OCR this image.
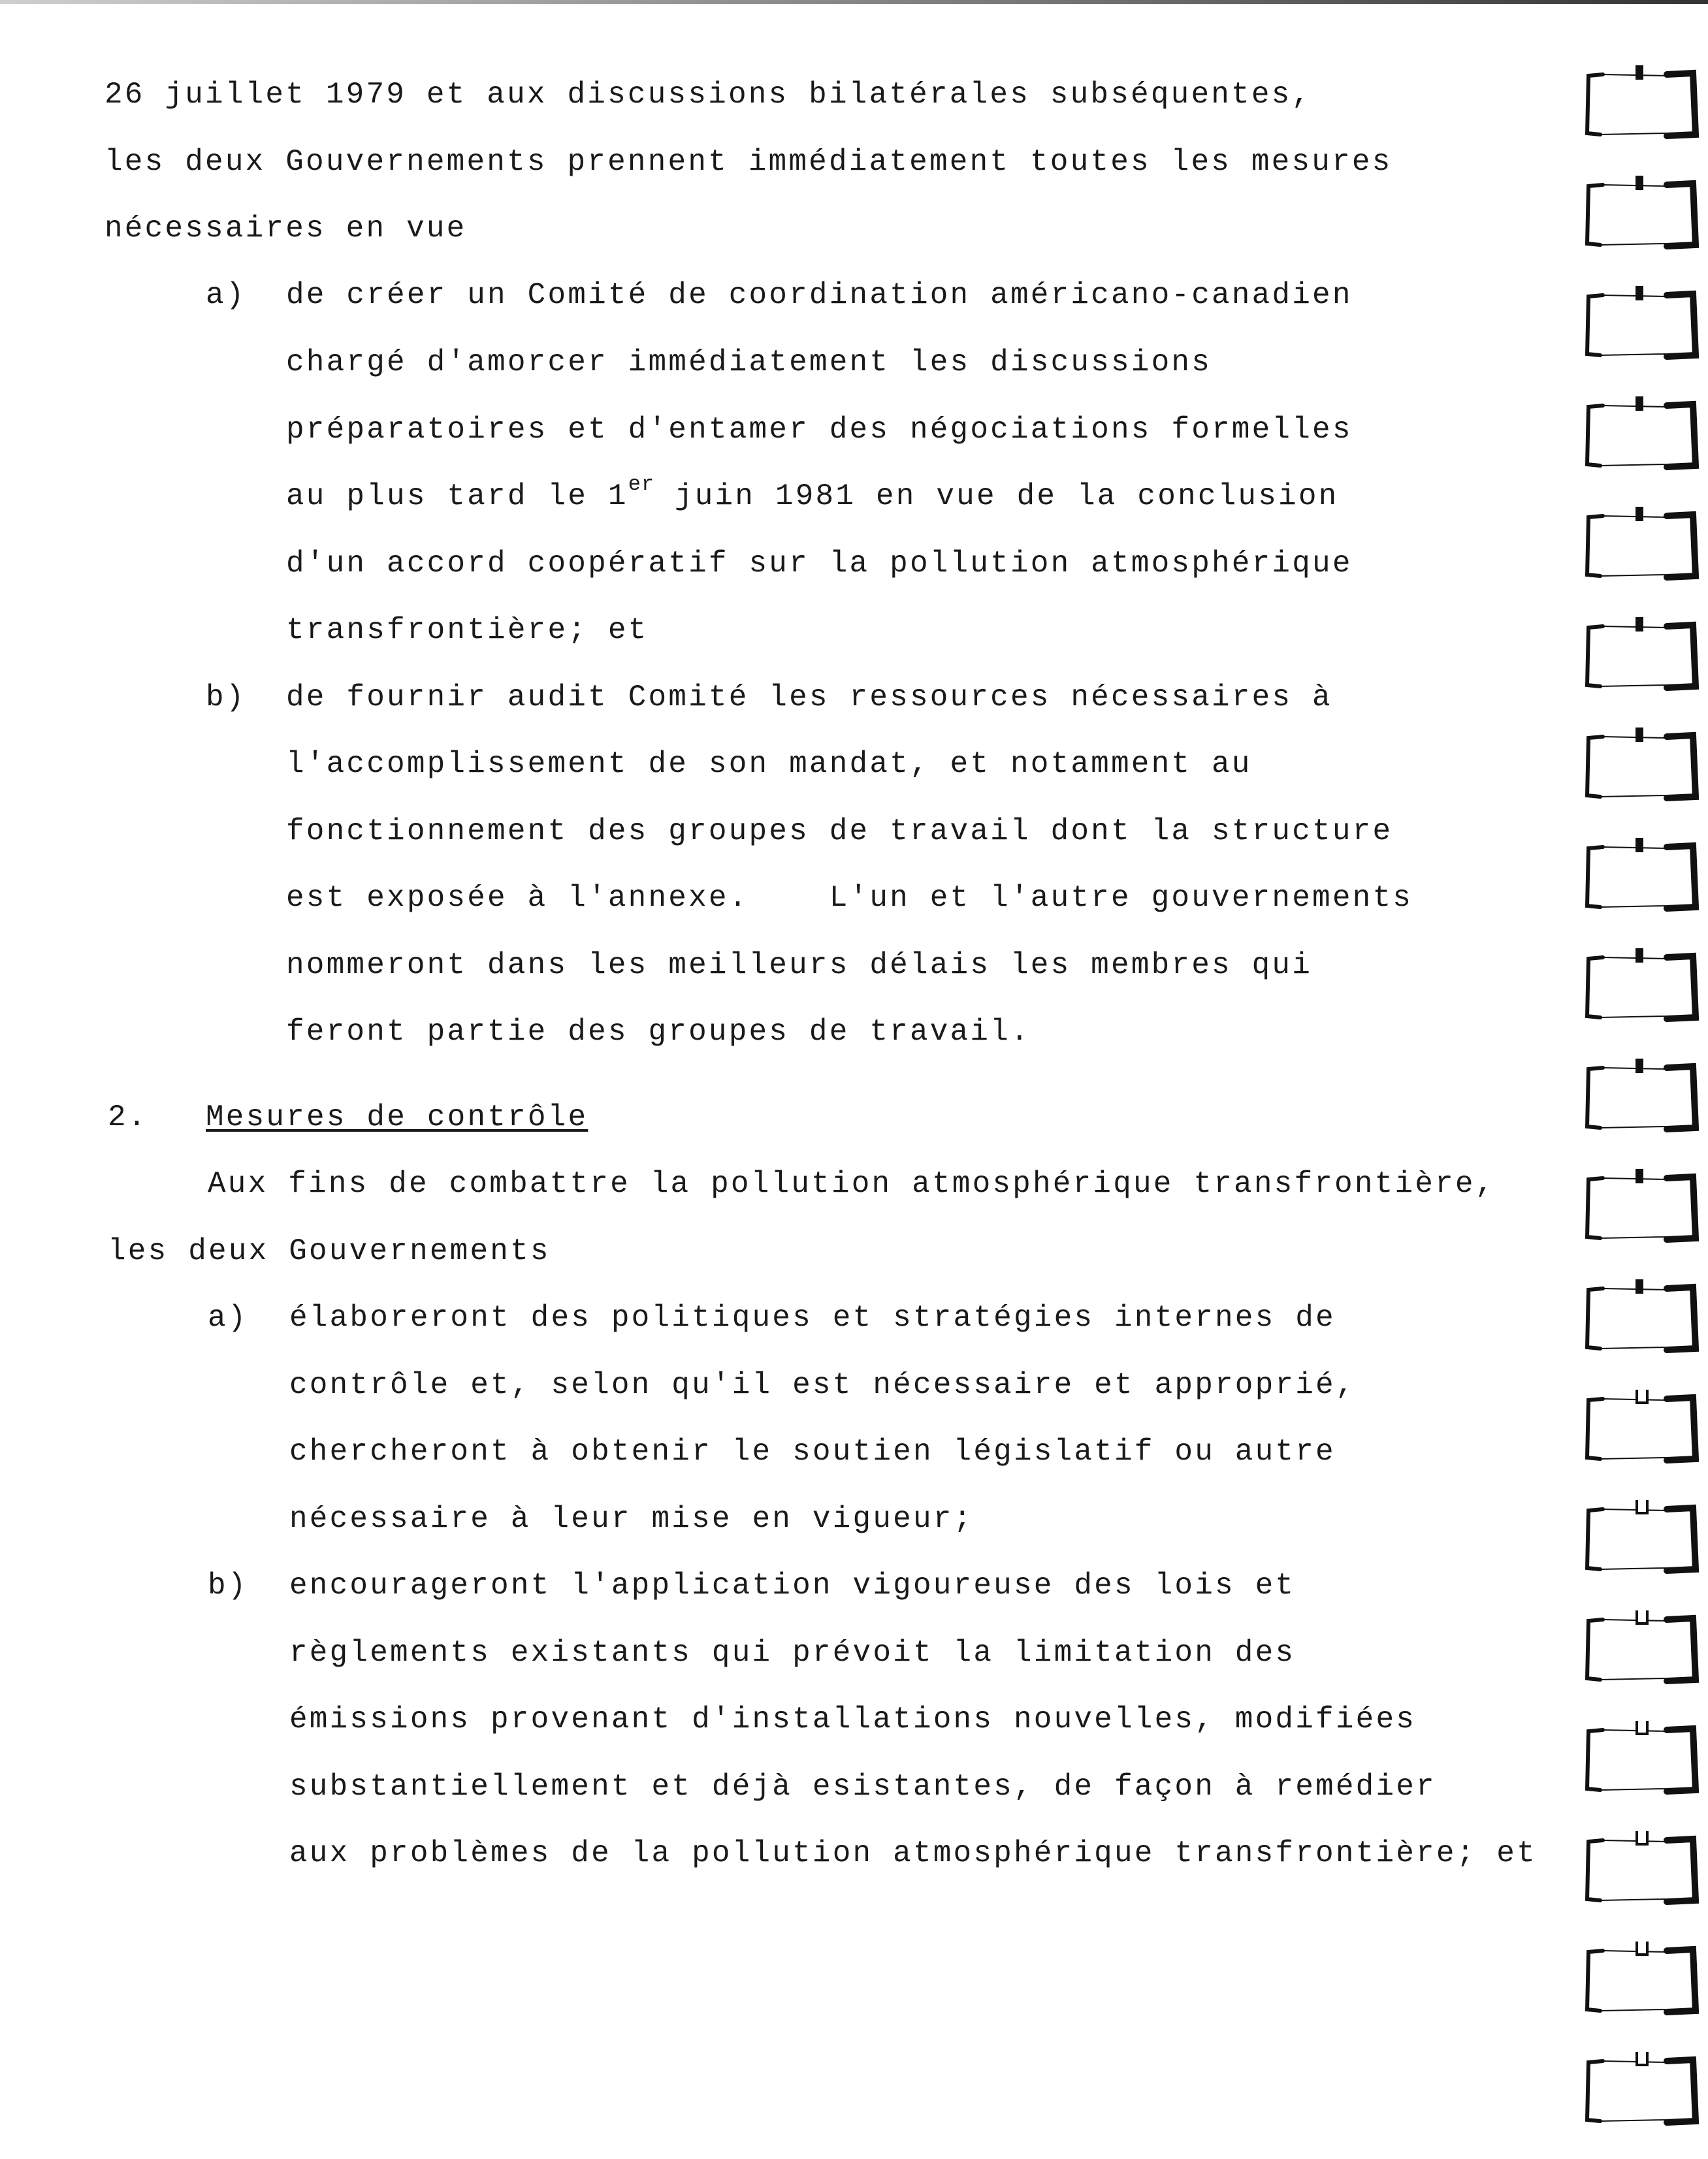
26 juillet 1979 et aux discussions bilatérales subséquentes,
les deux Gouvernements prennent immédiatement toutes les mesures
nécessaires en vue
a) de créer un Comité de coordination américano-canadien
chargé d'amorcer immédiatement les discussions
préparatoires et d'entamer des négociations formelles
au plus tard le 1er juin 1981 en vue de la conclusion
d'un accord coopératif sur la pollution atmosphérique
transfrontière; et
b) de fournir audit Comité les ressources nécessaires à
l'accomplissement de son mandat, et notamment au
fonctionnement des groupes de travail dont la structure
est exposée à l'annexe.    L'un et l'autre gouvernements
nommeront dans les meilleurs délais les membres qui
feront partie des groupes de travail.
2. Mesures de contrôle
Aux fins de combattre la pollution atmosphérique transfrontière,
les deux Gouvernements
a) élaboreront des politiques et stratégies internes de
contrôle et, selon qu'il est nécessaire et approprié,
chercheront à obtenir le soutien législatif ou autre
nécessaire à leur mise en vigueur;
b) encourageront l'application vigoureuse des lois et
règlements existants qui prévoit la limitation des
émissions provenant d'installations nouvelles, modifiées
substantiellement et déjà esistantes, de façon à remédier
aux problèmes de la pollution atmosphérique transfrontière; et
